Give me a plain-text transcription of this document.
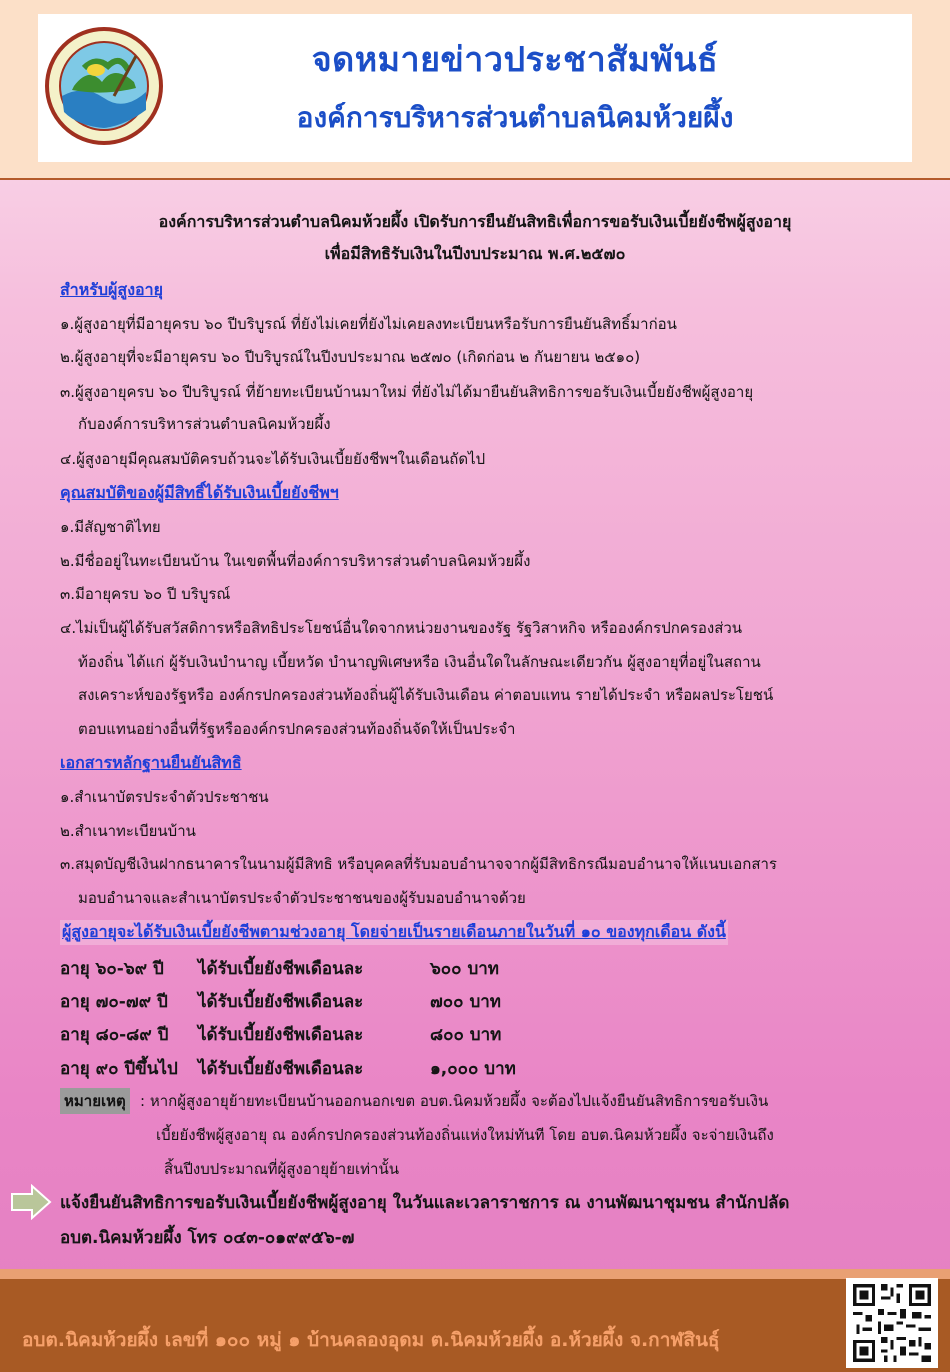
จดหมายข่าวประชาสัมพันธ์
องค์การบริหารส่วนตำบลนิคมห้วยผึ้ง
องค์การบริหารส่วนตำบลนิคมห้วยผึ้ง เปิดรับการยืนยันสิทธิเพื่อการขอรับเงินเบี้ยยังชีพผู้สูงอายุ
เพื่อมีสิทธิรับเงินในปีงบประมาณ พ.ศ.๒๕๗๐
สำหรับผู้สูงอายุ
๑.ผู้สูงอายุที่มีอายุครบ ๖๐ ปีบริบูรณ์ ที่ยังไม่เคยที่ยังไม่เคยลงทะเบียนหรือรับการยืนยันสิทธิ์มาก่อน
๒.ผู้สูงอายุที่จะมีอายุครบ ๖๐ ปีบริบูรณ์ในปีงบประมาณ ๒๕๗๐ (เกิดก่อน ๒ กันยายน ๒๕๑๐)
๓.ผู้สูงอายุครบ ๖๐ ปีบริบูรณ์ ที่ย้ายทะเบียนบ้านมาใหม่ ที่ยังไม่ได้มายืนยันสิทธิการขอรับเงินเบี้ยยังชีพผู้สูงอายุ
กับองค์การบริหารส่วนตำบลนิคมห้วยผึ้ง
๔.ผู้สูงอายุมีคุณสมบัติครบถ้วนจะได้รับเงินเบี้ยยังชีพฯในเดือนถัดไป
คุณสมบัติของผู้มีสิทธิ์ได้รับเงินเบี้ยยังชีพฯ
๑.มีสัญชาติไทย
๒.มีชื่ออยู่ในทะเบียนบ้าน ในเขตพื้นที่องค์การบริหารส่วนตำบลนิคมห้วยผึ้ง
๓.มีอายุครบ ๖๐ ปี บริบูรณ์
๔.ไม่เป็นผู้ได้รับสวัสดิการหรือสิทธิประโยชน์อื่นใดจากหน่วยงานของรัฐ รัฐวิสาหกิจ หรือองค์กรปกครองส่วน
ท้องถิ่น ได้แก่ ผู้รับเงินบำนาญ เบี้ยหวัด บำนาญพิเศษหรือ เงินอื่นใดในลักษณะเดียวกัน ผู้สูงอายุที่อยู่ในสถาน
สงเคราะห์ของรัฐหรือ องค์กรปกครองส่วนท้องถิ่นผู้ได้รับเงินเดือน ค่าตอบแทน รายได้ประจำ หรือผลประโยชน์
ตอบแทนอย่างอื่นที่รัฐหรือองค์กรปกครองส่วนท้องถิ่นจัดให้เป็นประจำ
เอกสารหลักฐานยืนยันสิทธิ
๑.สำเนาบัตรประจำตัวประชาชน
๒.สำเนาทะเบียนบ้าน
๓.สมุดบัญชีเงินฝากธนาคารในนามผู้มีสิทธิ หรือบุคคลที่รับมอบอำนาจจากผู้มีสิทธิกรณีมอบอำนาจให้แนบเอกสาร
มอบอำนาจและสำเนาบัตรประจำตัวประชาชนของผู้รับมอบอำนาจด้วย
ผู้สูงอายุจะได้รับเงินเบี้ยยังชีพตามช่วงอายุ โดยจ่ายเป็นรายเดือนภายในวันที่ ๑๐ ของทุกเดือน ดังนี้
อายุ ๖๐-๖๙ ปี ได้รับเบี้ยยังชีพเดือนละ	๖๐๐ บาท
อายุ ๗๐-๗๙ ปี ได้รับเบี้ยยังชีพเดือนละ	๗๐๐ บาท
อายุ ๘๐-๘๙ ปี ได้รับเบี้ยยังชีพเดือนละ	๘๐๐ บาท
อายุ ๙๐ ปีขึ้นไป ได้รับเบี้ยยังชีพเดือนละ	๑,๐๐๐ บาท
หมายเหตุ : หากผู้สูงอายุย้ายทะเบียนบ้านออกนอกเขต อบต.นิคมห้วยผึ้ง จะต้องไปแจ้งยืนยันสิทธิการขอรับเงิน
เบี้ยยังชีพผู้สูงอายุ ณ องค์กรปกครองส่วนท้องถิ่นแห่งใหม่ทันที โดย อบต.นิคมห้วยผึ้ง จะจ่ายเงินถึง
สิ้นปีงบประมาณที่ผู้สูงอายุย้ายเท่านั้น
แจ้งยืนยันสิทธิการขอรับเงินเบี้ยยังชีพผู้สูงอายุ ในวันและเวลาราชการ ณ งานพัฒนาชุมชน สำนักปลัด
อบต.นิคมห้วยผึ้ง โทร ๐๔๓-๐๑๙๙๕๖-๗
อบต.นิคมห้วยผึ้ง เลขที่ ๑๐๐ หมู่ ๑ บ้านคลองอุดม ต.นิคมห้วยผึ้ง อ.ห้วยผึ้ง จ.กาฬสินธุ์
